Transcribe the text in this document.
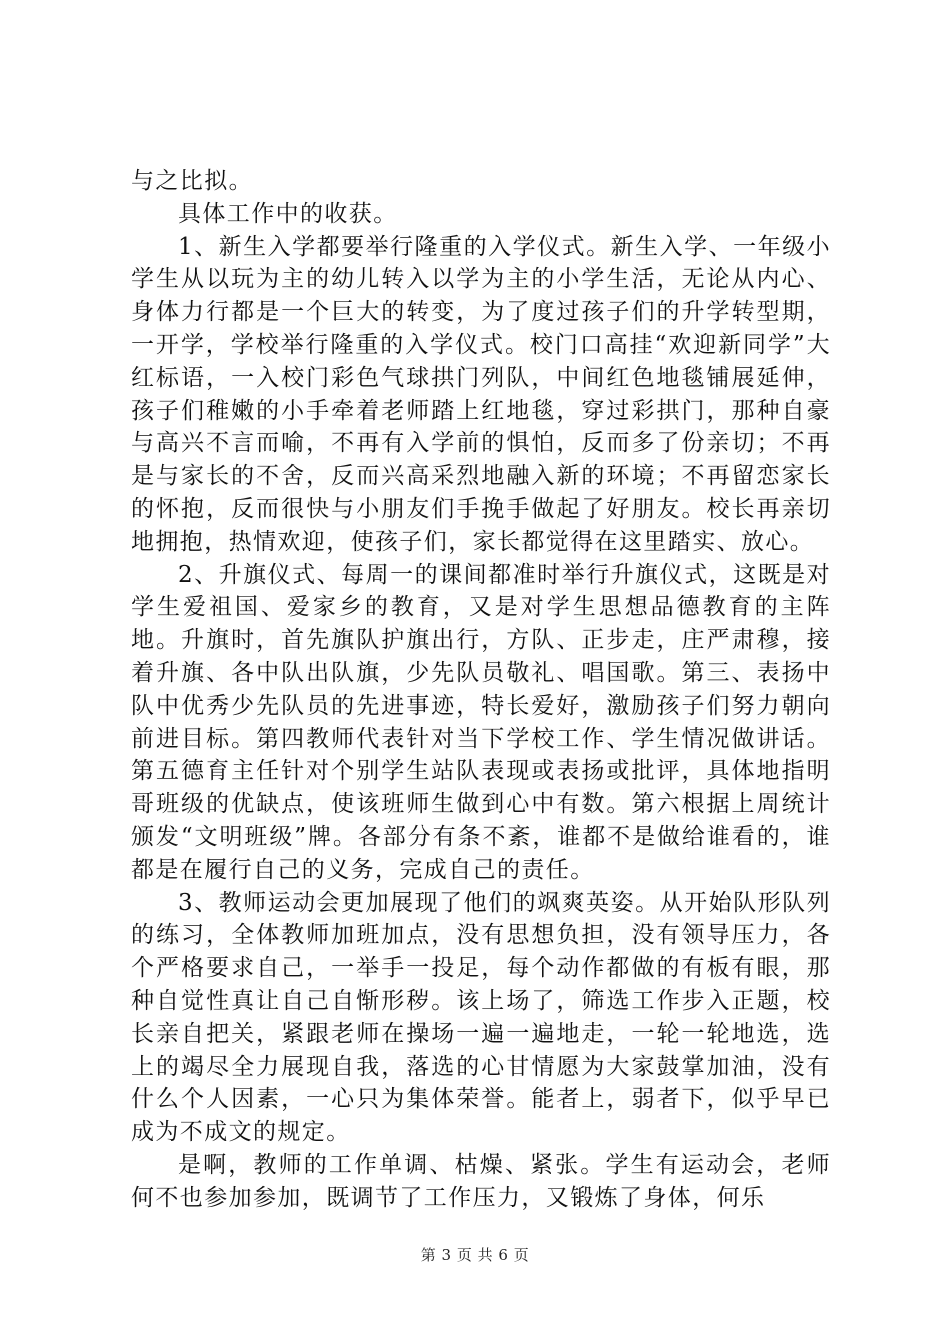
与之比拟。

具体工作中的收获。

1、新生入学都要举行隆重的入学仪式。新生入学、一年级小学生从以玩为主的幼儿转入以学为主的小学生活，无论从内心、身体力行都是一个巨大的转变，为了度过孩子们的升学转型期，一开学，学校举行隆重的入学仪式。校门口高挂“欢迎新同学”大红标语，一入校门彩色气球拱门列队，中间红色地毯铺展延伸，孩子们稚嫩的小手牵着老师踏上红地毯，穿过彩拱门，那种自豪与高兴不言而喻，不再有入学前的惧怕，反而多了份亲切；不再是与家长的不舍，反而兴高采烈地融入新的环境；不再留恋家长的怀抱，反而很快与小朋友们手挽手做起了好朋友。校长再亲切地拥抱，热情欢迎，使孩子们，家长都觉得在这里踏实、放心。

2、升旗仪式、每周一的课间都准时举行升旗仪式，这既是对学生爱祖国、爱家乡的教育，又是对学生思想品德教育的主阵地。升旗时，首先旗队护旗出行，方队、正步走，庄严肃穆，接着升旗、各中队出队旗，少先队员敬礼、唱国歌。第三、表扬中队中优秀少先队员的先进事迹，特长爱好，激励孩子们努力朝向前进目标。第四教师代表针对当下学校工作、学生情况做讲话。第五德育主任针对个别学生站队表现或表扬或批评，具体地指明哥班级的优缺点，使该班师生做到心中有数。第六根据上周统计颁发“文明班级”牌。各部分有条不紊，谁都不是做给谁看的，谁都是在履行自己的义务，完成自己的责任。

3、教师运动会更加展现了他们的飒爽英姿。从开始队形队列的练习，全体教师加班加点，没有思想负担，没有领导压力，各个严格要求自己，一举手一投足，每个动作都做的有板有眼，那种自觉性真让自己自惭形秽。该上场了，筛选工作步入正题，校长亲自把关，紧跟老师在操场一遍一遍地走，一轮一轮地选，选上的竭尽全力展现自我，落选的心甘情愿为大家鼓掌加油，没有什么个人因素，一心只为集体荣誉。能者上，弱者下，似乎早已成为不成文的规定。

是啊，教师的工作单调、枯燥、紧张。学生有运动会，老师何不也参加参加，既调节了工作压力，又锻炼了身体，何乐

第 3 页 共 6 页
